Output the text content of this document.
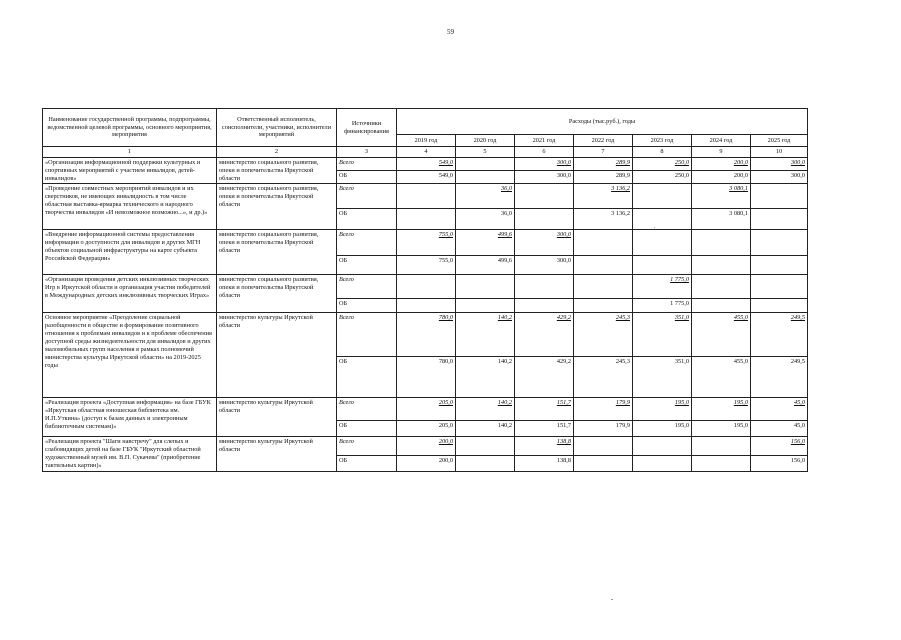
59
Наименование государственной программы, подпрограммы, ведомственной целевой программы, основного мероприятия, мероприятия	Ответственный исполнитель, соисполнители, участники, исполнители мероприятий	Источники финансирования	Расходы (тыс.руб.), годы						
			2019 год	2020 год	2021 год	2022 год	2023 год	2024 год	2025 год
1	2	3	4	5	6	7	8	9	10
«Организация информационной поддержки культурных и спортивных мероприятий с участием инвалидов, детей-инвалидов»	министерство социального развития, опеки и попечительства Иркутской области	Всего	549,0		300,0	289,9	250,0	200,0	300,0
		ОБ	549,0		300,0	289,9	250,0	200,0	300,0
«Проведение совместных мероприятий инвалидов и их сверстников, не имеющих инвалидность в том числе областная выставка-ярмарка технического и народного творчества инвалидов «И невозможное возможно...», и др.)»	министерство социального развития, опеки и попечительства Иркутской области	Всего		36,0		3 136,2		3 080,1	
		ОБ		36,0		3 136,2		3 080,1	
«Внедрение информационной системы предоставления информации о доступности для инвалидов и других МГН объектов социальной инфраструктуры на карте субъекта Российской Федерации»	министерство социального развития, опеки и попечительства Иркутской области	Всего	755,0	499,6	300,0				
		ОБ	755,0	499,6	300,0				
«Организация проведения детских инклюзивных творческих Игр в Иркутской области и организация участия победителей в Международных детских инклюзивных творческих Играх»	министерство социального развития, опеки и попечительства Иркутской области	Всего					1 775,0		
		ОБ					1 775,0		
Основное мероприятие «Преодоление социальной разобщенности в обществе и формирование позитивного отношения к проблемам инвалидов и к проблеме обеспечения доступной среды жизнедеятельности для инвалидов и других маломобильных групп населения в рамках полномочий министерства культуры Иркутской области» на 2019-2025 годы	министерство культуры Иркутской области	Всего	780,0	140,2	429,2	245,3	351,0	455,0	249,5
		ОБ	780,0	140,2	429,2	245,3	351,0	455,0	249,5
«Реализация проекта «Доступная информация» на базе ГБУК «Иркутская областная юношеская библиотека им. И.П.Уткина» (доступ к базам данных и электронным библиотечным системам)»	министерство культуры Иркутской области	Всего	205,0	140,2	151,7	179,9	195,0	195,0	45,0
		ОБ	205,0	140,2	151,7	179,9	195,0	195,0	45,0
«Реализация проекта "Шаги навстречу" для слепых и слабовидящих детей на базе ГБУК "Иркутский областной художественный музей им. В.П. Сукачева" (приобретение тактильных картин)»	министерство культуры Иркутской области	Всего	200,0		138,8				156,0
		ОБ	200,0		138,8				156,0
